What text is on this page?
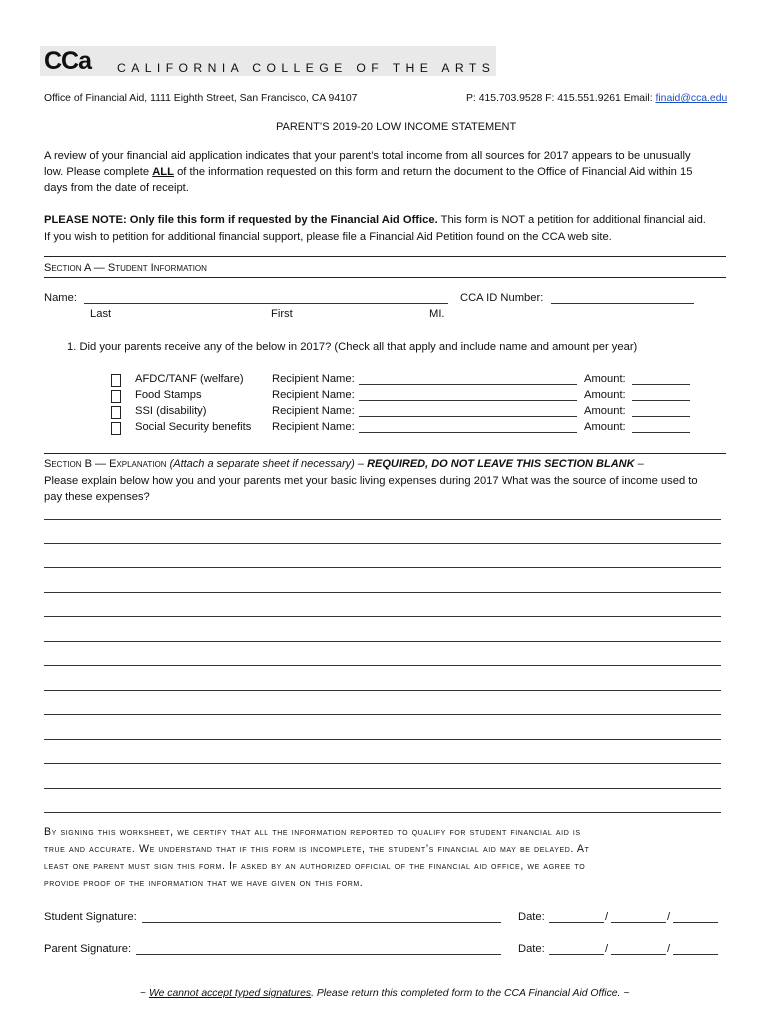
CCa CALIFORNIA COLLEGE OF THE ARTS
Office of Financial Aid, 1111 Eighth Street, San Francisco, CA 94107	P: 415.703.9528 F: 415.551.9261 Email: finaid@cca.edu
PARENT’S 2019-20 LOW INCOME STATEMENT
A review of your financial aid application indicates that your parent’s total income from all sources for 2017 appears to be unusually
low. Please complete ALL of the information requested on this form and return the document to the Office of Financial Aid within 15
days from the date of receipt.
PLEASE NOTE: Only file this form if requested by the Financial Aid Office. This form is NOT a petition for additional financial aid.
If you wish to petition for additional financial support, please file a Financial Aid Petition found on the CCA web site.
Section A — Student Information
Name:	CCA ID Number:
Last	First	MI.
1. Did your parents receive any of the below in 2017? (Check all that apply and include name and amount per year)
AFDC/TANF (welfare)	Recipient Name:	Amount:
Food Stamps	Recipient Name:	Amount:
SSI (disability)	Recipient Name:	Amount:
Social Security benefits Recipient Name:	Amount:
Section B — Explanation (Attach a separate sheet if necessary) – REQUIRED, DO NOT LEAVE THIS SECTION BLANK –
Please explain below how you and your parents met your basic living expenses during 2017 What was the source of income used to
pay these expenses?
By signing this worksheet, we certify that all the information reported to qualify for student financial aid is
true and accurate. We understand that if this form is incomplete, the student’s financial aid may be delayed. At
least one parent must sign this form. If asked by an authorized official of the financial aid office, we agree to
provide proof of the information that we have given on this form.
Student Signature:	Date:	/	/
Parent Signature:	Date:	/	/
~ We cannot accept typed signatures. Please return this completed form to the CCA Financial Aid Office. ~
